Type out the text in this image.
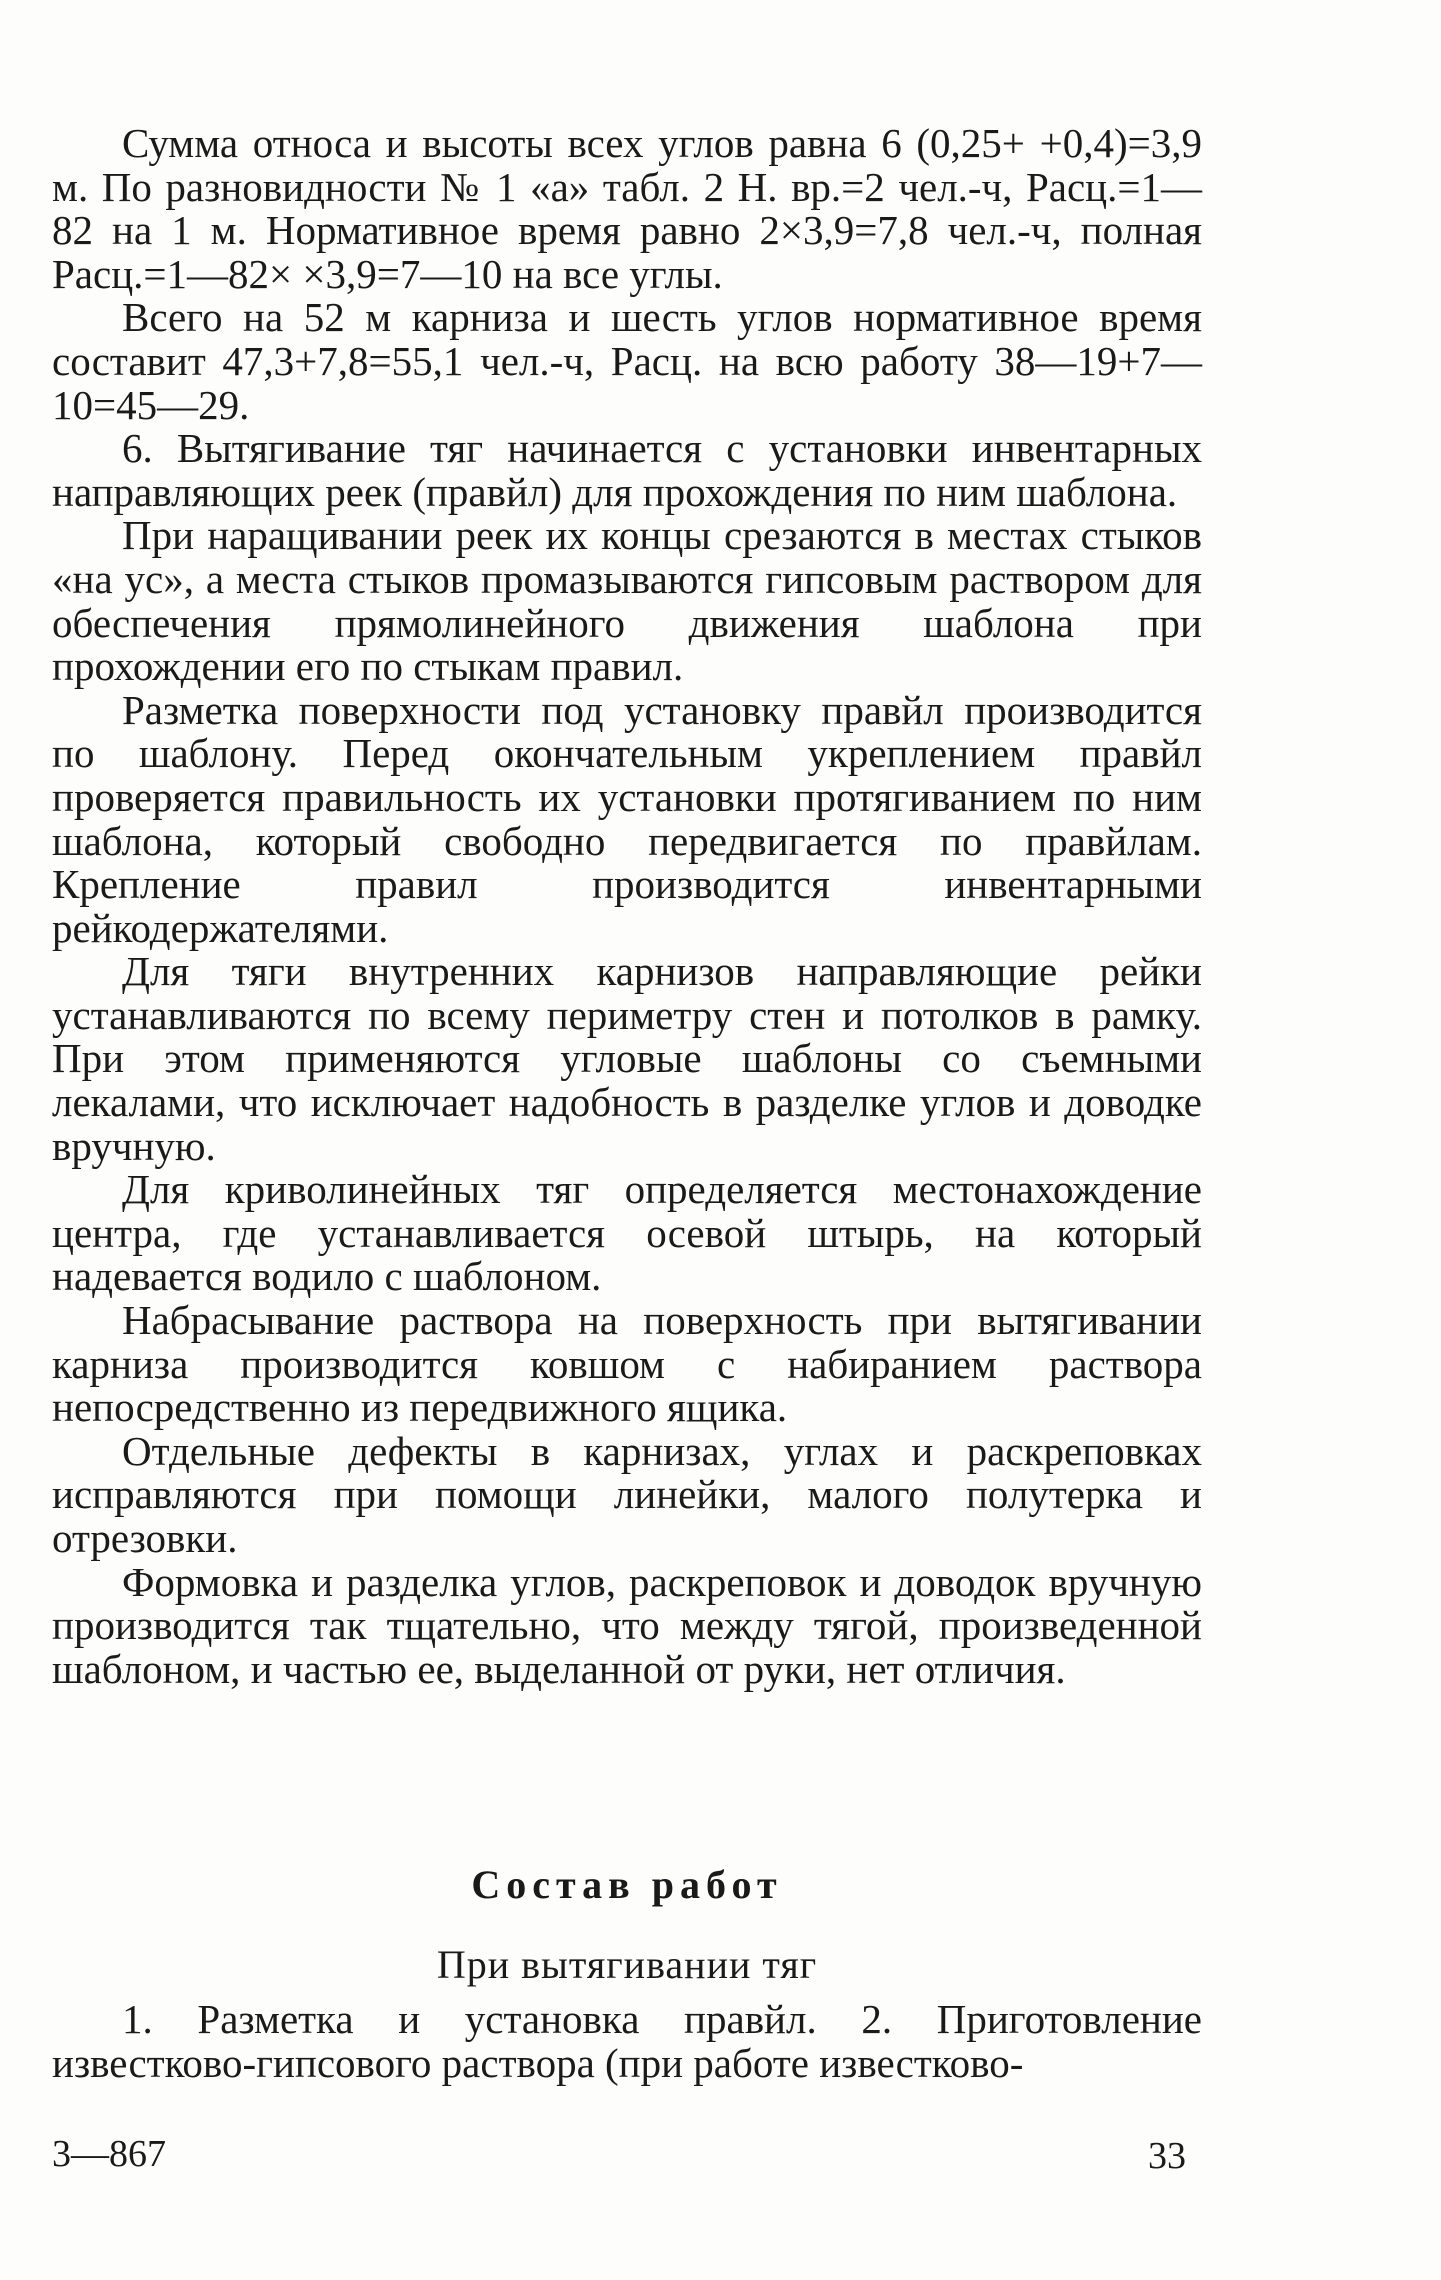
Сумма относа и высоты всех углов равна 6 (0,25+ +0,4)=3,9 м. По разновидности № 1 «а» табл. 2 Н. вр.=2 чел.-ч, Расц.=1—82 на 1 м. Нормативное время равно 2×3,9=7,8 чел.-ч, полная Расц.=1—82× ×3,9=7—10 на все углы.

Всего на 52 м карниза и шесть углов нормативное время составит 47,3+7,8=55,1 чел.-ч, Расц. на всю работу 38—19+7—10=45—29.

6. Вытягивание тяг начинается с установки инвентарных направляющих реек (правйл) для прохождения по ним шаблона.

При наращивании реек их концы срезаются в местах стыков «на ус», а места стыков промазываются гипсовым раствором для обеспечения прямолинейного движения шаблона при прохождении его по стыкам правил.

Разметка поверхности под установку правйл производится по шаблону. Перед окончательным укреплением правйл проверяется правильность их установки протягиванием по ним шаблона, который свободно передвигается по правйлам. Крепление правил производится инвентарными рейкодержателями.

Для тяги внутренних карнизов направляющие рейки устанавливаются по всему периметру стен и потолков в рамку. При этом применяются угловые шаблоны со съемными лекалами, что исключает надобность в разделке углов и доводке вручную.

Для криволинейных тяг определяется местонахождение центра, где устанавливается осевой штырь, на который надевается водило с шаблоном.

Набрасывание раствора на поверхность при вытягивании карниза производится ковшом с набиранием раствора непосредственно из передвижного ящика.

Отдельные дефекты в карнизах, углах и раскреповках исправляются при помощи линейки, малого полутерка и отрезовки.

Формовка и разделка углов, раскреповок и доводок вручную производится так тщательно, что между тягой, произведенной шаблоном, и частью ее, выделанной от руки, нет отличия.

Состав работ
При вытягивании тяг

1. Разметка и установка правйл. 2. Приготовление известково-гипсового раствора (при работе известково-

3—867	33
